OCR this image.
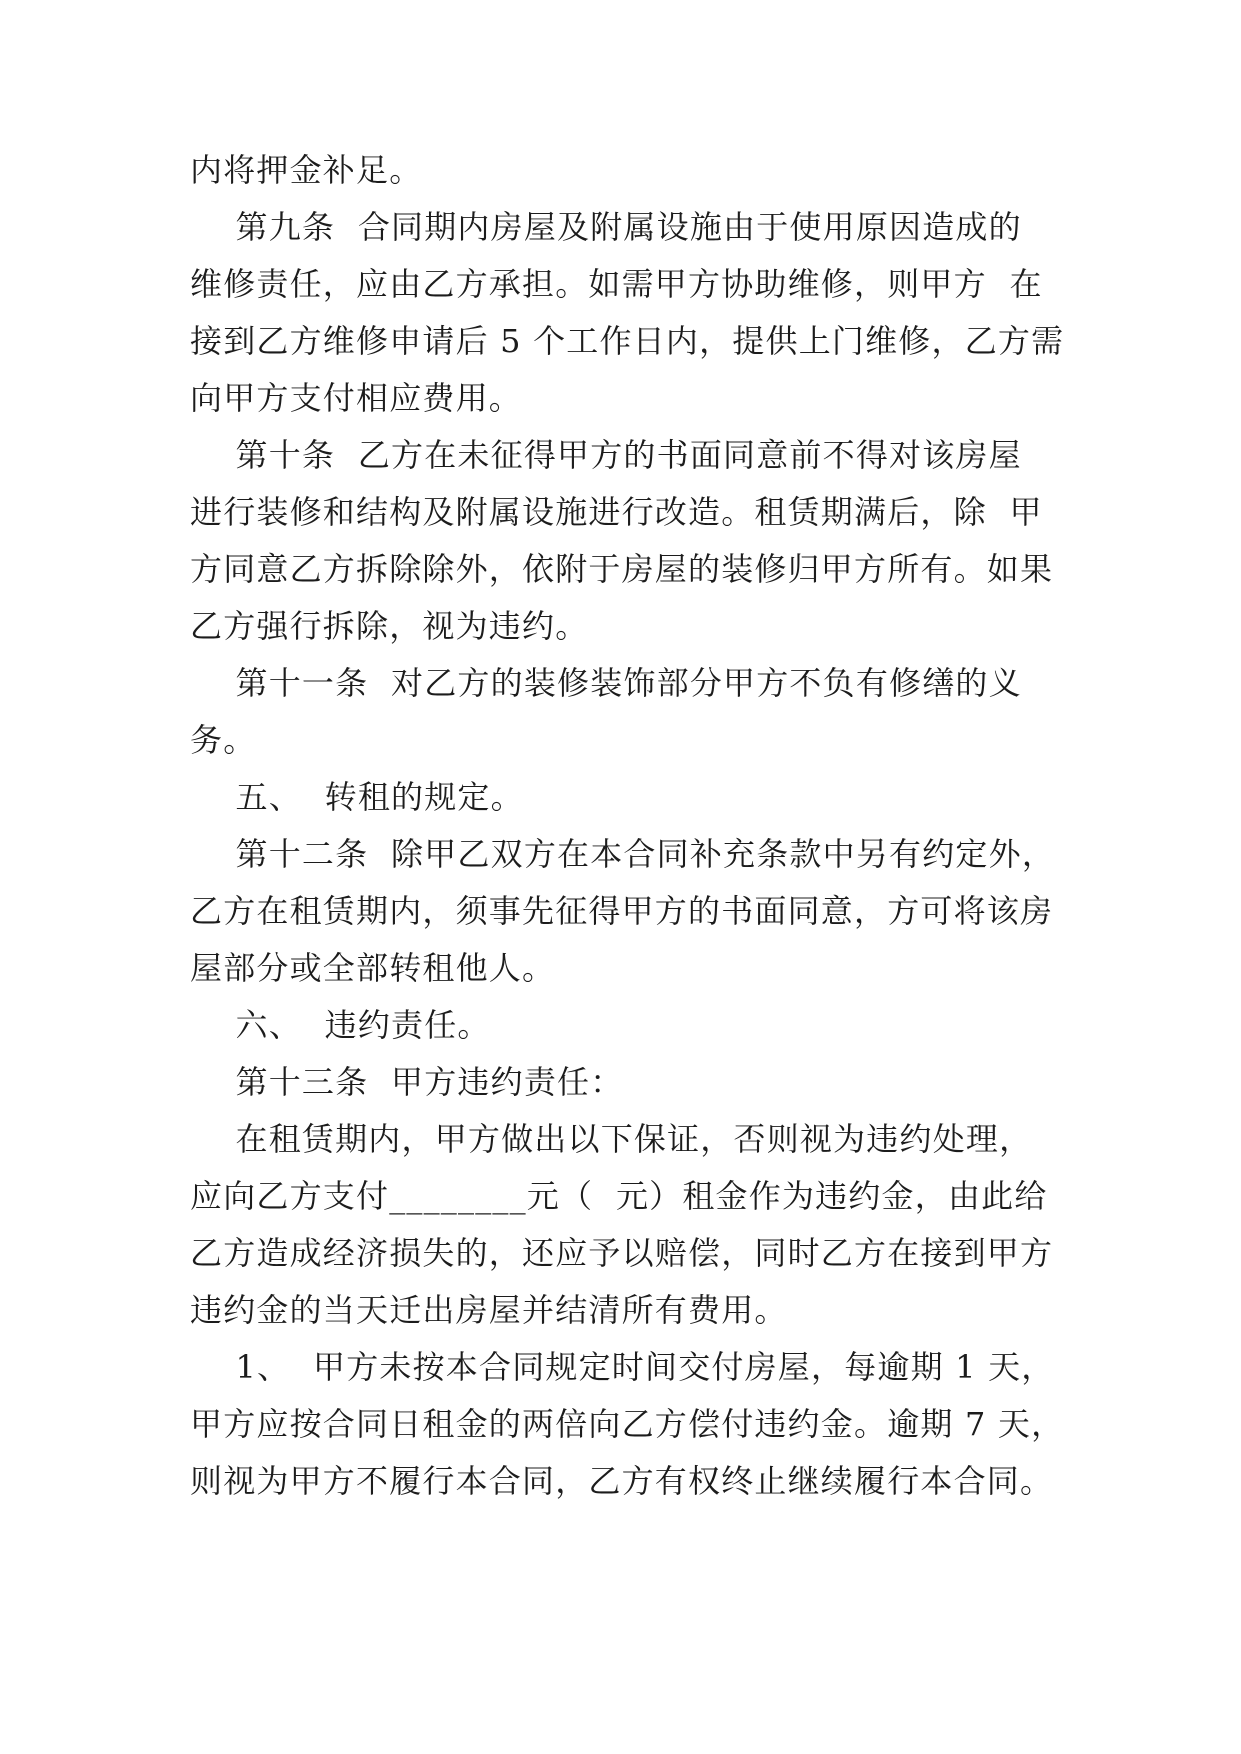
内将押金补足。
第九条  合同期内房屋及附属设施由于使用原因造成的
维修责任，应由乙方承担。如需甲方协助维修，则甲方  在
接到乙方维修申请后 5 个工作日内，提供上门维修，乙方需
向甲方支付相应费用。
第十条  乙方在未征得甲方的书面同意前不得对该房屋
进行装修和结构及附属设施进行改造。租赁期满后，除  甲
方同意乙方拆除除外，依附于房屋的装修归甲方所有。如果
乙方强行拆除，视为违约。
第十一条  对乙方的装修装饰部分甲方不负有修缮的义
务。
五、  转租的规定。
第十二条  除甲乙双方在本合同补充条款中另有约定外，
乙方在租赁期内，须事先征得甲方的书面同意，方可将该房
屋部分或全部转租他人。
六、  违约责任。
第十三条  甲方违约责任：
在租赁期内，甲方做出以下保证，否则视为违约处理，
应向乙方支付________元（  元）租金作为违约金，由此给
乙方造成经济损失的，还应予以赔偿，同时乙方在接到甲方
违约金的当天迁出房屋并结清所有费用。
1、  甲方未按本合同规定时间交付房屋，每逾期 1 天，
甲方应按合同日租金的两倍向乙方偿付违约金。逾期 7 天，
则视为甲方不履行本合同，乙方有权终止继续履行本合同。
